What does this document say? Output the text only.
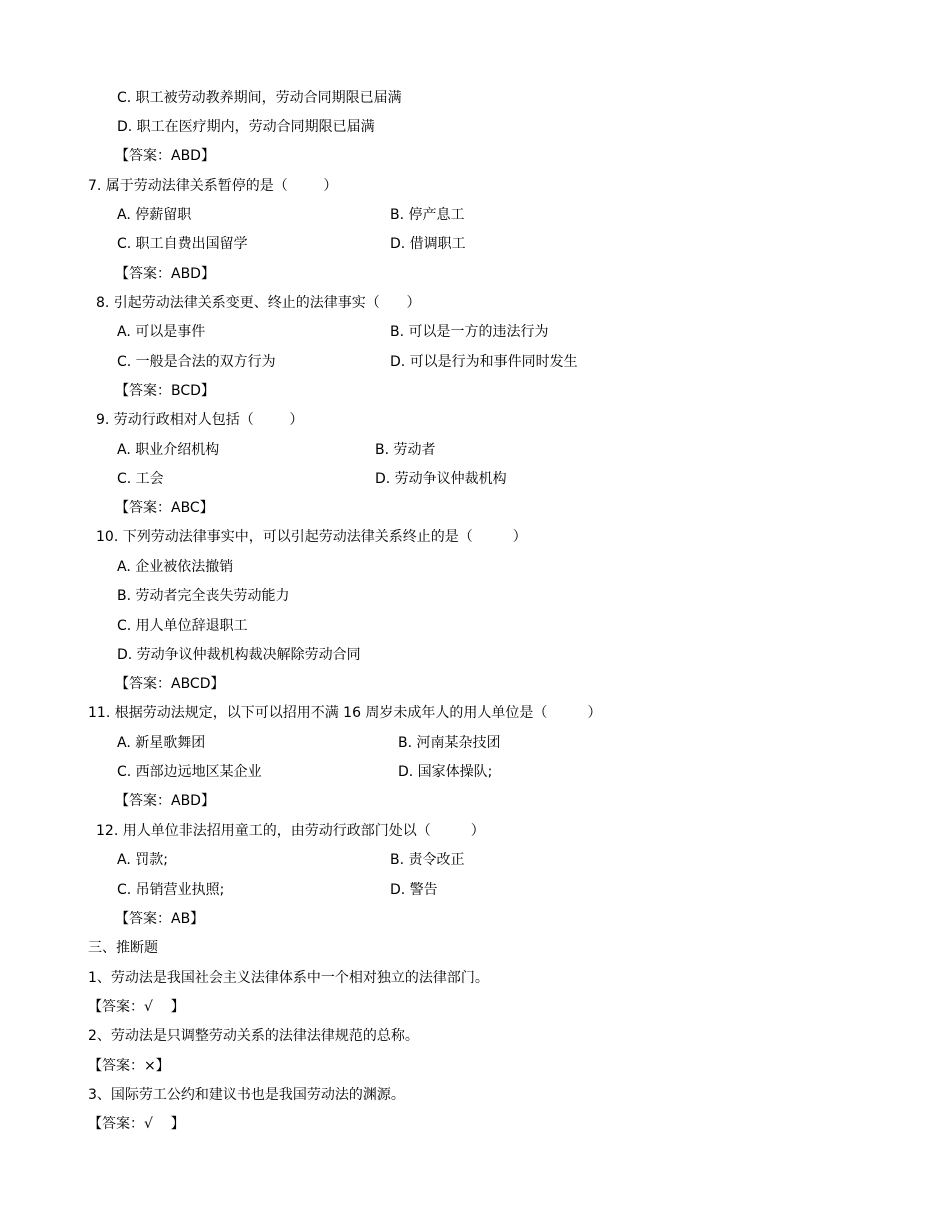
C. 职工被劳动教养期间，劳动合同期限已届满
D. 职工在医疗期内，劳动合同期限已届满
【答案：ABD】
7. 属于劳动法律关系暂停的是（        ）
A. 停薪留职	B. 停产息工
C. 职工自费出国留学	D. 借调职工
【答案：ABD】
8. 引起劳动法律关系变更、终止的法律事实（      ）
A. 可以是事件	B. 可以是一方的违法行为
C. 一般是合法的双方行为	D. 可以是行为和事件同时发生
【答案：BCD】
9. 劳动行政相对人包括（        ）
A. 职业介绍机构	B. 劳动者
C. 工会	D. 劳动争议仲裁机构
【答案：ABC】
10. 下列劳动法律事实中，可以引起劳动法律关系终止的是（         ）
A. 企业被依法撤销
B. 劳动者完全丧失劳动能力
C. 用人单位辞退职工
D. 劳动争议仲裁机构裁决解除劳动合同
【答案：ABCD】
11. 根据劳动法规定，以下可以招用不满 16 周岁未成年人的用人单位是（         ）
A. 新星歌舞团	B. 河南某杂技团
C. 西部边远地区某企业	D. 国家体操队;
【答案：ABD】
12. 用人单位非法招用童工的，由劳动行政部门处以（         ）
A. 罚款;	B. 责令改正
C. 吊销营业执照;	D. 警告
【答案：AB】
三、推断题
1、劳动法是我国社会主义法律体系中一个相对独立的法律部门。
【答案：√    】
2、劳动法是只调整劳动关系的法律法律规范的总称。
【答案：×】
3、国际劳工公约和建议书也是我国劳动法的渊源。
【答案：√    】
